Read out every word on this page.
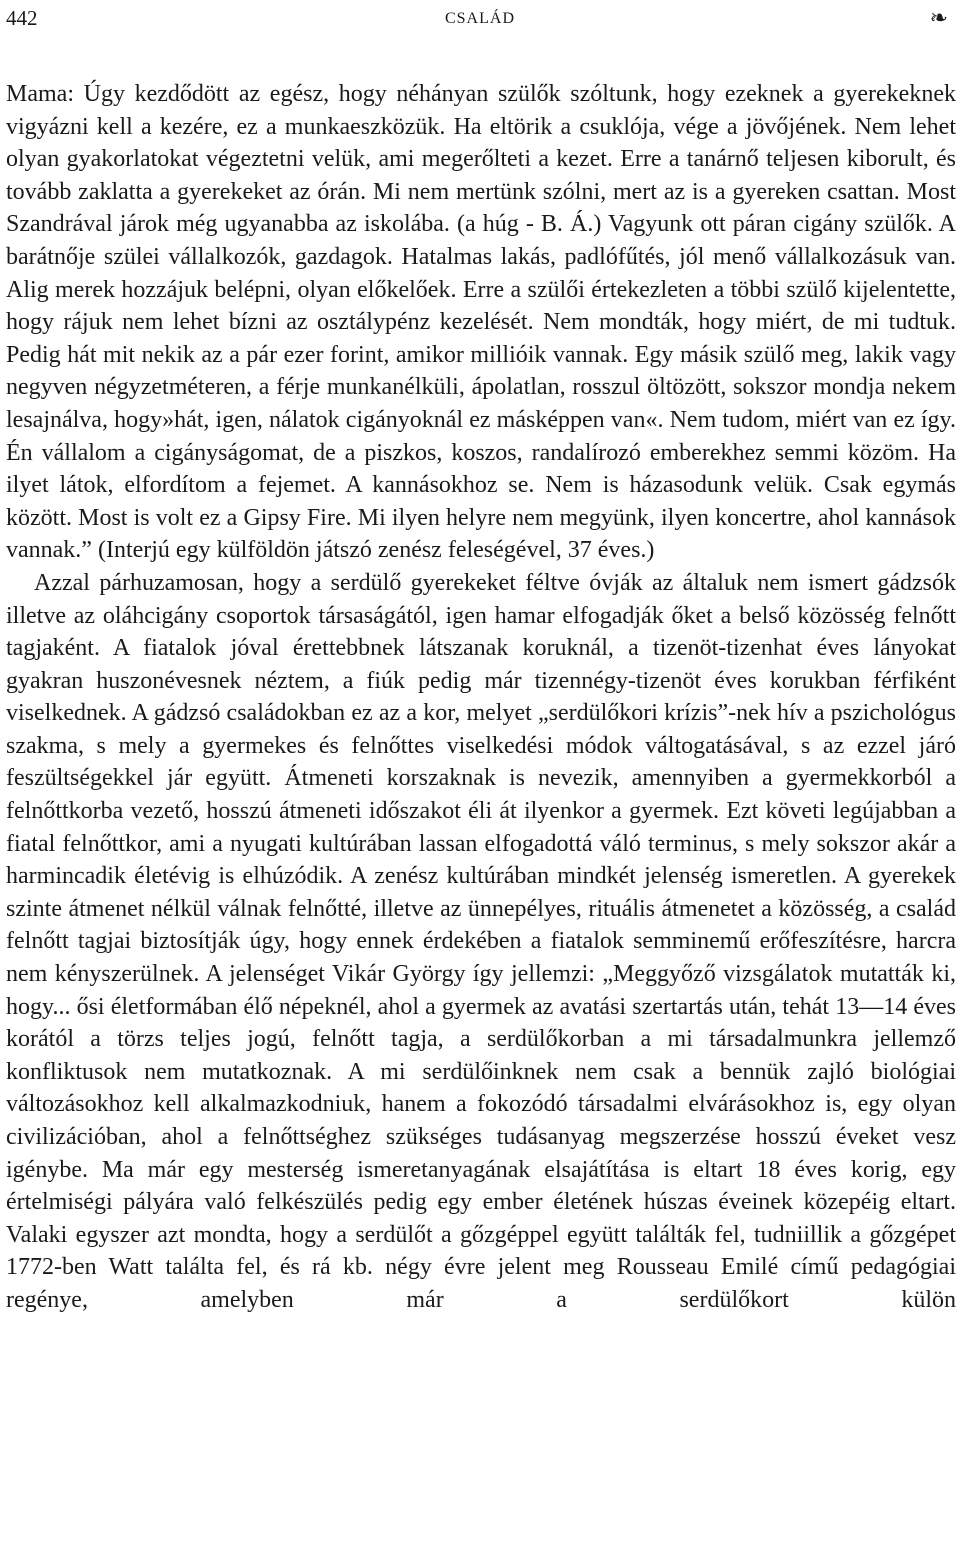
442	CSALÁD	❧

Mama: Úgy kezdődött az egész, hogy néhányan szülők szóltunk, hogy ezeknek a gyerekeknek vigyázni kell a kezére, ez a munkaeszközük. Ha eltörik a csuklója, vége a jövőjének. Nem lehet olyan gyakorlatokat végeztetni velük, ami megerőlteti a kezet. Erre a tanárnő teljesen kiborult, és tovább zaklatta a gyerekeket az órán. Mi nem mertünk szólni, mert az is a gyereken csattan. Most Szandrával járok még ugyanabba az iskolába. (a húg - B. Á.) Vagyunk ott páran cigány szülők. A barátnője szülei vállalkozók, gazdagok. Hatalmas lakás, padlófűtés, jól menő vállalkozásuk van. Alig merek hozzájuk belépni, olyan előkelőek. Erre a szülői értekezleten a többi szülő kijelentette, hogy rájuk nem lehet bízni az osztálypénz kezelését. Nem mondták, hogy miért, de mi tudtuk. Pedig hát mit nekik az a pár ezer forint, amikor millióik vannak. Egy másik szülő meg, lakik vagy negyven négyzetméteren, a férje munkanélküli, ápolatlan, rosszul öltözött, sokszor mondja nekem lesajnálva, hogy»hát, igen, nálatok cigányoknál ez másképpen van«. Nem tudom, miért van ez így. Én vállalom a cigányságomat, de a piszkos, koszos, randalírozó emberekhez semmi közöm. Ha ilyet látok, elfordítom a fejemet. A kannásokhoz se. Nem is házasodunk velük. Csak egymás között. Most is volt ez a Gipsy Fire. Mi ilyen helyre nem megyünk, ilyen koncertre, ahol kannások vannak.” (Interjú egy külföldön játszó zenész feleségével, 37 éves.)

Azzal párhuzamosan, hogy a serdülő gyerekeket féltve óvják az általuk nem ismert gádzsók illetve az oláhcigány csoportok társaságától, igen hamar elfogadják őket a belső közösség felnőtt tagjaként. A fiatalok jóval érettebbnek látszanak koruknál, a tizenöt-tizenhat éves lányokat gyakran huszonévesnek néztem, a fiúk pedig már tizennégy-tizenöt éves korukban férfiként viselkednek. A gádzsó családokban ez az a kor, melyet „serdülőkori krízis”-nek hív a pszichológus szakma, s mely a gyermekes és felnőttes viselkedési módok váltogatásával, s az ezzel járó feszültségekkel jár együtt. Átmeneti korszaknak is nevezik, amennyiben a gyermekkorból a felnőttkorba vezető, hosszú átmeneti időszakot éli át ilyenkor a gyermek. Ezt követi legújabban a fiatal felnőttkor, ami a nyugati kultúrában lassan elfogadottá váló terminus, s mely sokszor akár a harmincadik életévig is elhúzódik. A zenész kultúrában mindkét jelenség ismeretlen. A gyerekek szinte átmenet nélkül válnak felnőtté, illetve az ünnepélyes, rituális átmenetet a közösség, a család felnőtt tagjai biztosítják úgy, hogy ennek érdekében a fiatalok semminemű erőfeszítésre, harcra nem kényszerülnek. A jelenséget Vikár György így jellemzi: „Meggyőző vizsgálatok mutatták ki, hogy... ősi életformában élő népeknél, ahol a gyermek az avatási szertartás után, tehát 13—14 éves korától a törzs teljes jogú, felnőtt tagja, a serdülőkorban a mi társadalmunkra jellemző konfliktusok nem mutatkoznak. A mi serdülőinknek nem csak a bennük zajló biológiai változásokhoz kell alkalmazkodniuk, hanem a fokozódó társadalmi elvárásokhoz is, egy olyan civilizációban, ahol a felnőttséghez szükséges tudásanyag megszerzése hosszú éveket vesz igénybe. Ma már egy mesterség ismeretanyagának elsajátítása is eltart 18 éves korig, egy értelmiségi pályára való felkészülés pedig egy ember életének húszas éveinek közepéig eltart. Valaki egyszer azt mondta, hogy a serdülőt a gőzgéppel együtt találták fel, tudniillik a gőzgépet 1772-ben Watt találta fel, és rá kb. négy évre jelent meg Rousseau Emilé című pedagógiai regénye, amelyben már a serdülőkort külön
